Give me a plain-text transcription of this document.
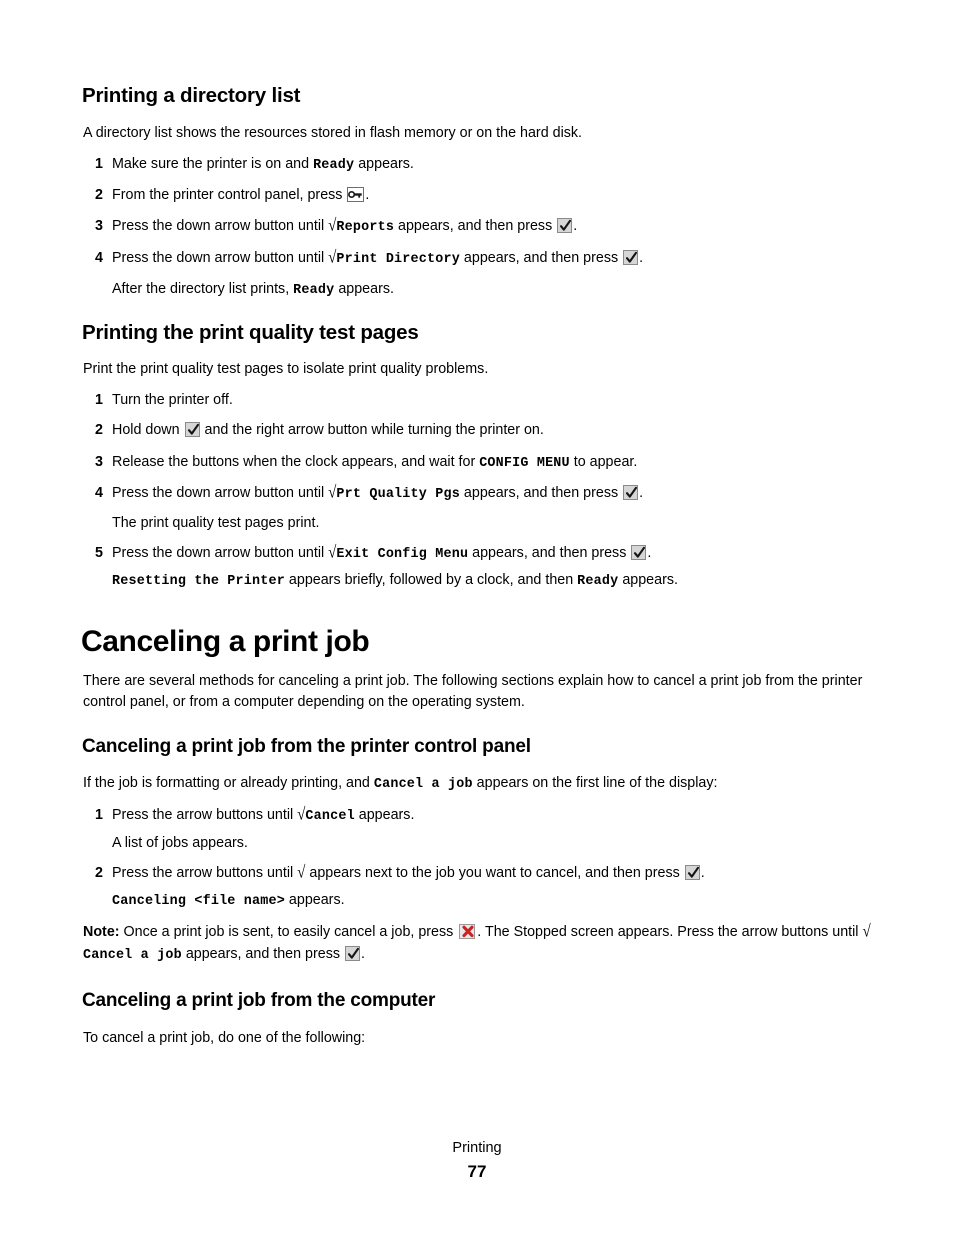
Printing a directory list

A directory list shows the resources stored in flash memory or on the hard disk.

1 Make sure the printer is on and Ready appears.
2 From the printer control panel, press
.
3 Press the down arrow button until √Reports appears, and then press
.
4 Press the down arrow button until √Print Directory appears, and then press
.
After the directory list prints, Ready appears.
Printing the print quality test pages

Print the print quality test pages to isolate print quality problems.

1 Turn the printer off.
2 Hold down
and the right arrow button while turning the printer on.
3 Release the buttons when the clock appears, and wait for CONFIG MENU to appear.
4 Press the down arrow button until √Prt Quality Pgs appears, and then press
.
The print quality test pages print.
5 Press the down arrow button until √Exit Config Menu appears, and then press
.
Resetting the Printer appears briefly, followed by a clock, and then Ready appears.
Canceling a print job

There are several methods for canceling a print job. The following sections explain how to cancel a print job from the printer control panel, or from a computer depending on the operating system.

Canceling a print job from the printer control panel

If the job is formatting or already printing, and Cancel a job appears on the first line of the display:

1 Press the arrow buttons until √Cancel appears.
A list of jobs appears.
2 Press the arrow buttons until √ appears next to the job you want to cancel, and then press
.
Canceling <file name> appears.

Note: Once a print job is sent, to easily cancel a job, press
. The Stopped screen appears. Press the arrow buttons until √Cancel a job appears, and then press
.

Canceling a print job from the computer

To cancel a print job, do one of the following:

Printing
77
